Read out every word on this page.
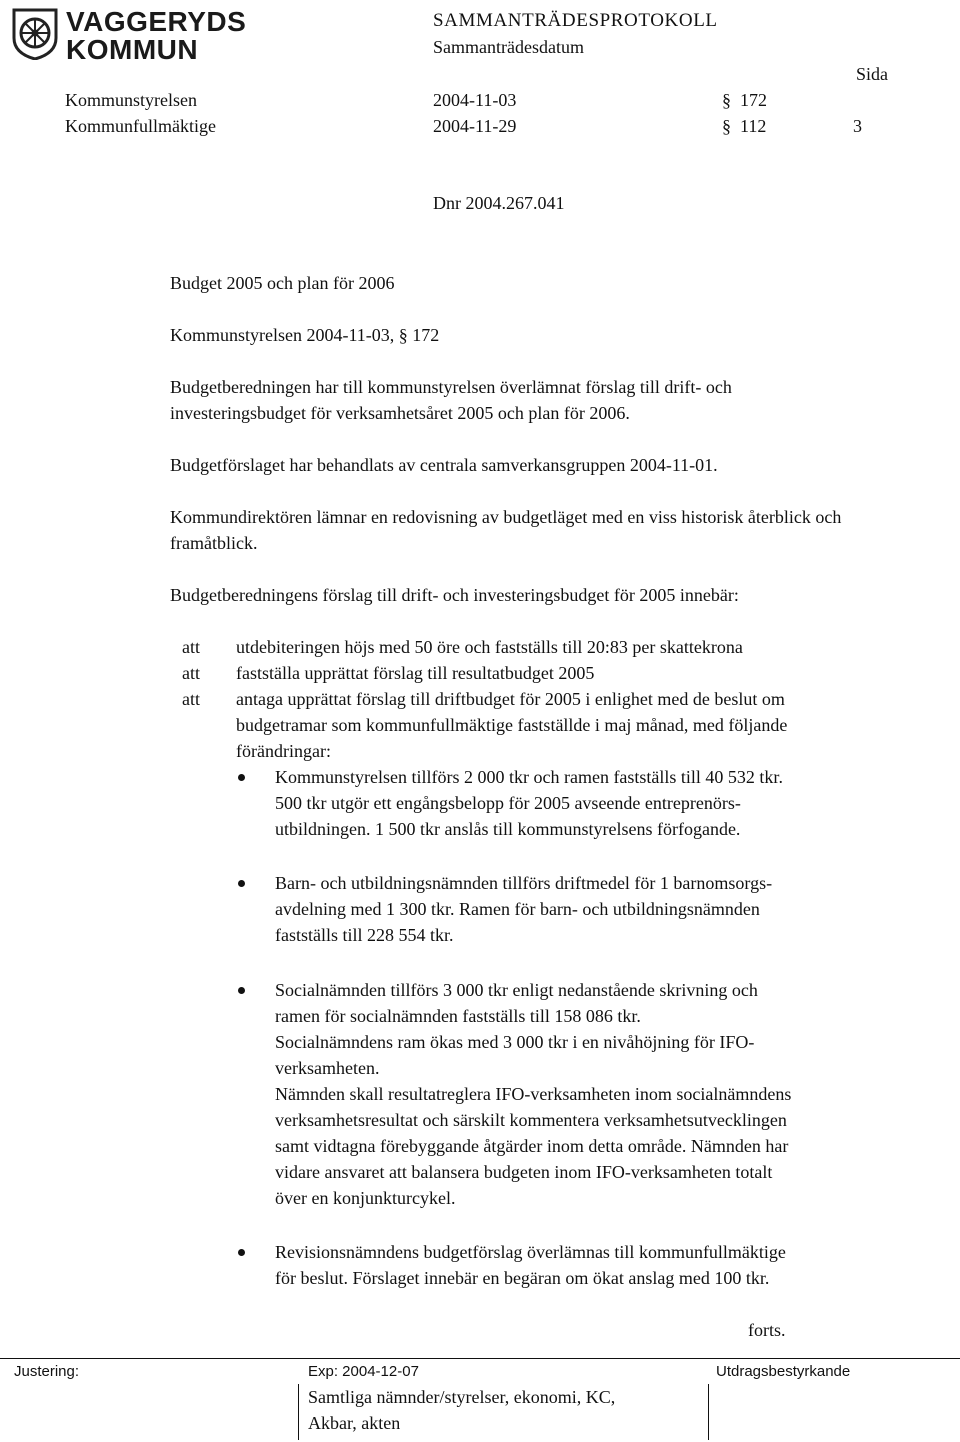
VAGGERYDS
KOMMUN
SAMMANTRÄDESPROTOKOLL
Sammanträdesdatum
Sida
Kommunstyrelsen	2004-11-03	§ 172
Kommunfullmäktige	2004-11-29	§ 112	3
Dnr 2004.267.041
Budget 2005 och plan för 2006
Kommunstyrelsen 2004-11-03, § 172
Budgetberedningen har till kommunstyrelsen överlämnat förslag till drift- och investeringsbudget för verksamhetsåret 2005 och plan för 2006.
Budgetförslaget har behandlats av centrala samverkansgruppen 2004-11-01.
Kommundirektören lämnar en redovisning av budgetläget med en viss historisk återblick och framåtblick.
Budgetberedningens förslag till drift- och investeringsbudget för 2005 innebär:
att utdebiteringen höjs med 50 öre och fastställs till 20:83 per skattekrona
att fastställa upprättat förslag till resultatbudget 2005
att antaga upprättat förslag till driftbudget för 2005 i enlighet med de beslut om budgetramar som kommunfullmäktige fastställde i maj månad, med följande förändringar:
Kommunstyrelsen tillförs 2 000 tkr och ramen fastställs till 40 532 tkr.
500 tkr utgör ett engångsbelopp för 2005 avseende entreprenörs-
utbildningen. 1 500 tkr anslås till kommunstyrelsens förfogande.
Barn- och utbildningsnämnden tillförs driftmedel för 1 barnomsorgs-
avdelning med 1 300 tkr. Ramen för barn- och utbildningsnämnden
fastställs till 228 554 tkr.
Socialnämnden tillförs 3 000 tkr enligt nedanstående skrivning och
ramen för socialnämnden fastställs till 158 086 tkr.
Socialnämndens ram ökas med 3 000 tkr i en nivåhöjning för IFO-
verksamheten.
Nämnden skall resultatreglera IFO-verksamheten inom socialnämndens
verksamhetsresultat och särskilt kommentera verksamhetsutvecklingen
samt vidtagna förebyggande åtgärder inom detta område. Nämnden har
vidare ansvaret att balansera budgeten inom IFO-verksamheten totalt
över en konjunkturcykel.
Revisionsnämndens budgetförslag överlämnas till kommunfullmäktige
för beslut. Förslaget innebär en begäran om ökat anslag med 100 tkr.
forts.
Justering:	Exp: 2004-12-07	Utdragsbestyrkande
Samtliga nämnder/styrelser, ekonomi, KC,
Akbar, akten
